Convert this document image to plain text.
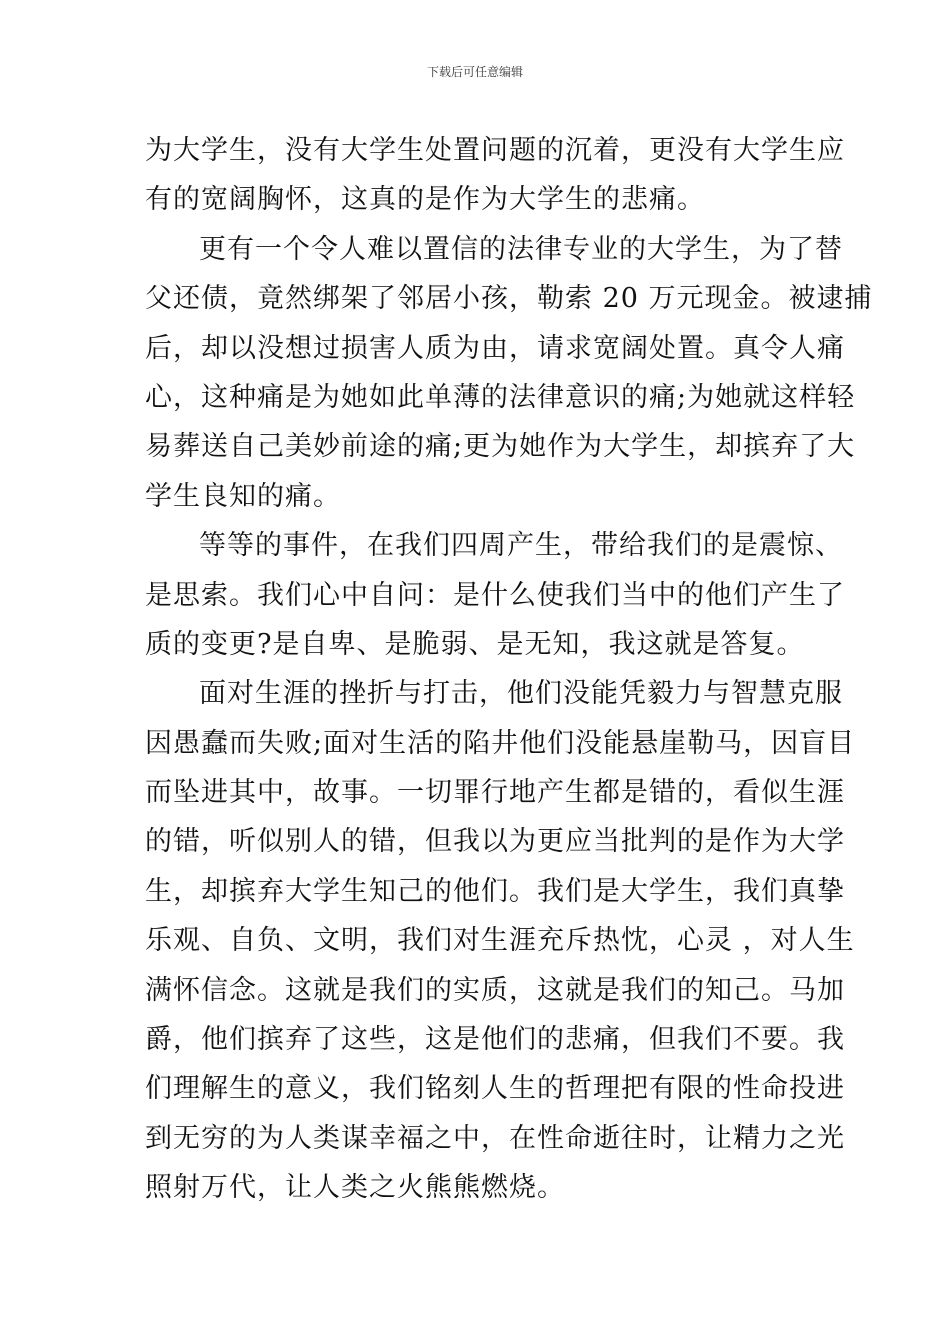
下载后可任意编辑
为大学生，没有大学生处置问题的沉着，更没有大学生应
有的宽阔胸怀，这真的是作为大学生的悲痛。
更有一个令人难以置信的法律专业的大学生，为了替
父还债，竟然绑架了邻居小孩，勒索 20 万元现金。被逮捕
后，却以没想过损害人质为由，请求宽阔处置。真令人痛
心，这种痛是为她如此单薄的法律意识的痛;为她就这样轻
易葬送自己美妙前途的痛;更为她作为大学生，却摈弃了大
学生良知的痛。
等等的事件，在我们四周产生，带给我们的是震惊、
是思索。我们心中自问：是什么使我们当中的他们产生了
质的变更?是自卑、是脆弱、是无知，我这就是答复。
面对生涯的挫折与打击，他们没能凭毅力与智慧克服
因愚蠢而失败;面对生活的陷井他们没能悬崖勒马，因盲目
而坠进其中，故事。一切罪行地产生都是错的，看似生涯
的错，听似别人的错，但我以为更应当批判的是作为大学
生，却摈弃大学生知己的他们。我们是大学生，我们真挚
乐观、自负、文明，我们对生涯充斥热忱，心灵 ，对人生
满怀信念。这就是我们的实质，这就是我们的知己。马加
爵，他们摈弃了这些，这是他们的悲痛，但我们不要。我
们理解生的意义，我们铭刻人生的哲理把有限的性命投进
到无穷的为人类谋幸福之中，在性命逝往时，让精力之光
照射万代，让人类之火熊熊燃烧。
